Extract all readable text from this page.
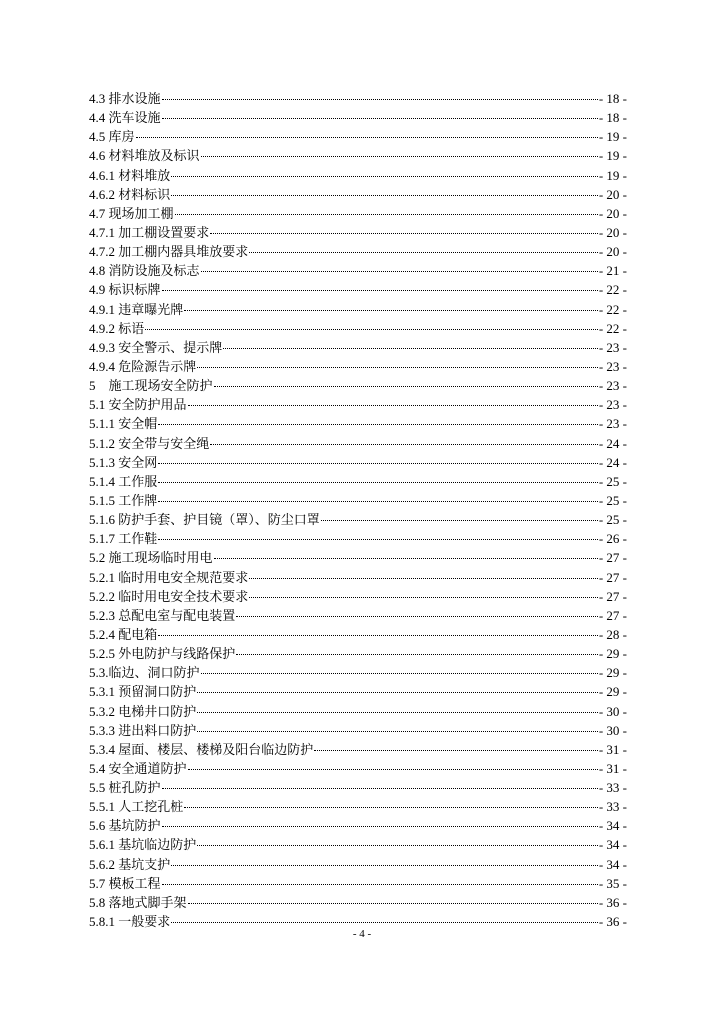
4.3 排水设施	- 18 -
4.4 洗车设施	- 18 -
4.5 库房	- 19 -
4.6 材料堆放及标识	- 19 -
4.6.1 材料堆放	- 19 -
4.6.2 材料标识	- 20 -
4.7 现场加工棚	- 20 -
4.7.1 加工棚设置要求	- 20 -
4.7.2 加工棚内器具堆放要求	- 20 -
4.8 消防设施及标志	- 21 -
4.9 标识标牌	- 22 -
4.9.1 违章曝光牌	- 22 -
4.9.2 标语	- 22 -
4.9.3 安全警示、提示牌	- 23 -
4.9.4 危险源告示牌	- 23 -
5　施工现场安全防护	- 23 -
5.1 安全防护用品	- 23 -
5.1.1 安全帽	- 23 -
5.1.2 安全带与安全绳	- 24 -
5.1.3 安全网	- 24 -
5.1.4 工作服	- 25 -
5.1.5 工作牌	- 25 -
5.1.6 防护手套、护目镜（罩）、防尘口罩	- 25 -
5.1.7 工作鞋	- 26 -
5.2 施工现场临时用电	- 27 -
5.2.1 临时用电安全规范要求	- 27 -
5.2.2 临时用电安全技术要求	- 27 -
5.2.3 总配电室与配电装置	- 27 -
5.2.4 配电箱	- 28 -
5.2.5 外电防护与线路保护	- 29 -
5.3.临边、洞口防护	- 29 -
5.3.1 预留洞口防护	- 29 -
5.3.2 电梯井口防护	- 30 -
5.3.3 进出料口防护	- 30 -
5.3.4 屋面、楼层、楼梯及阳台临边防护	- 31 -
5.4 安全通道防护	- 31 -
5.5 桩孔防护	- 33 -
5.5.1 人工挖孔桩	- 33 -
5.6 基坑防护	- 34 -
5.6.1 基坑临边防护	- 34 -
5.6.2 基坑支护	- 34 -
5.7 模板工程	- 35 -
5.8 落地式脚手架	- 36 -
5.8.1 一般要求	- 36 -
- 4 -
